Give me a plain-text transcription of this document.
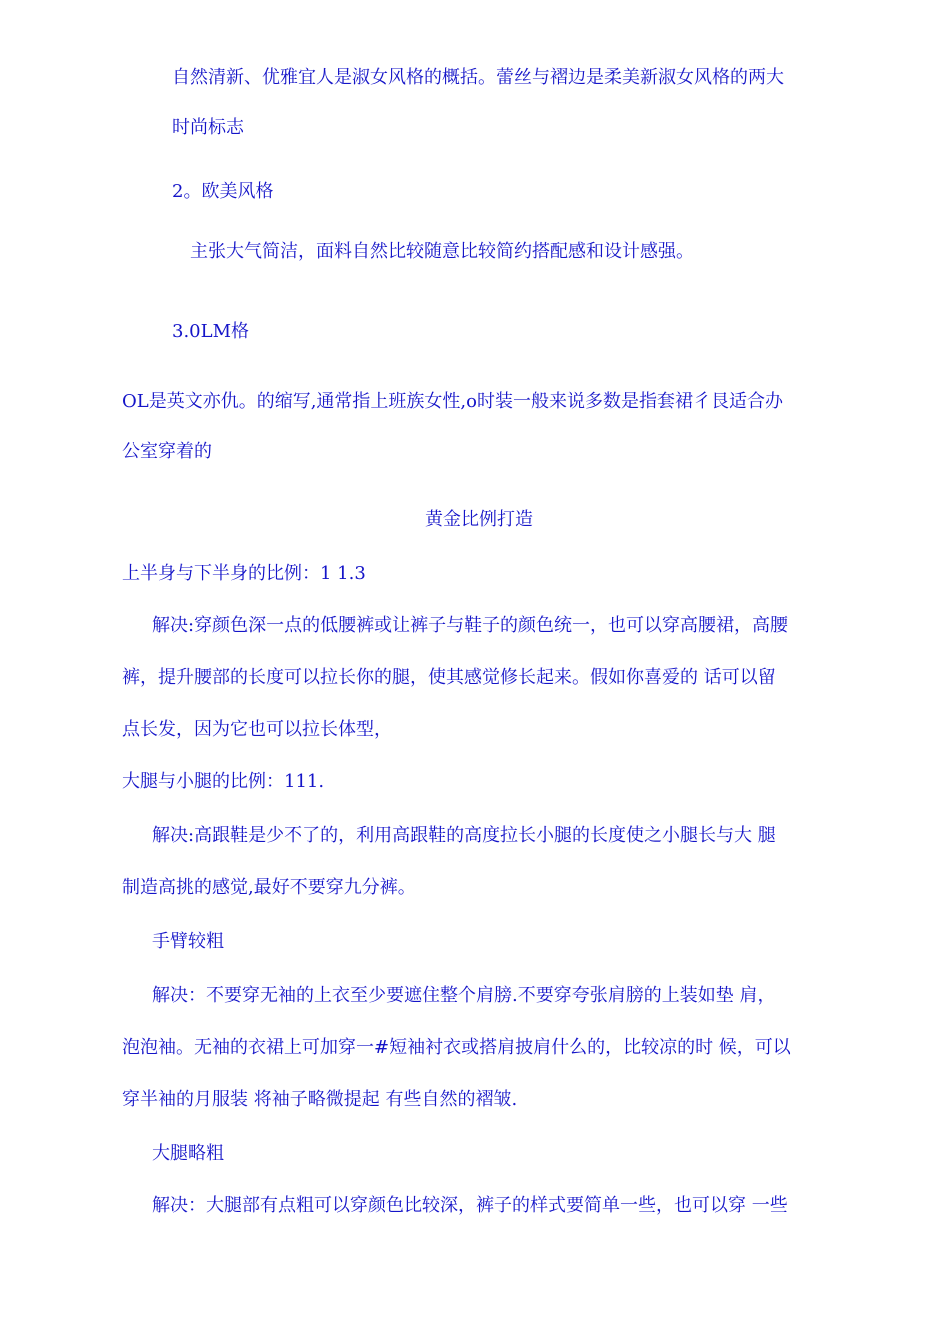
自然清新、优雅宜人是淑女风格的概括。蕾丝与褶边是柔美新淑女风格的两大

时尚标志

2。欧美风格

主张大气简洁，面料自然比较随意比较简约搭配感和设计感强。

3.0LM格

OL是英文亦仇。的缩写,通常指上班族女性,o时装一般来说多数是指套裙彳艮适合办

公室穿着的

黄金比例打造

上半身与下半身的比例：1 1.3

解决:穿颜色深一点的低腰裤或让裤子与鞋子的颜色统一，也可以穿高腰裙，高腰

裤，提升腰部的长度可以拉长你的腿，使其感觉修长起来。假如你喜爱的 话可以留

点长发，因为它也可以拉长体型，

大腿与小腿的比例：111.

解决:高跟鞋是少不了的，利用高跟鞋的高度拉长小腿的长度使之小腿长与大 腿

制造高挑的感觉,最好不要穿九分裤。

手臂较粗

解决：不要穿无袖的上衣至少要遮住整个肩膀.不要穿夸张肩膀的上装如垫 肩，

泡泡袖。无袖的衣裙上可加穿一#短袖衬衣或搭肩披肩什么的，比较凉的时 候，可以

穿半袖的月服装 将袖子略微提起 有些自然的褶皱.

大腿略粗

解决：大腿部有点粗可以穿颜色比较深，裤子的样式要简单一些，也可以穿 一些
